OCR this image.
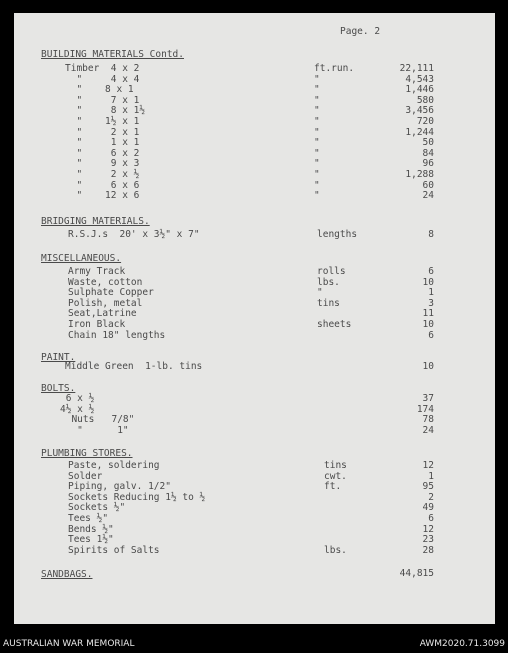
Page. 2
BUILDING MATERIALS Contd.
Timber  4 x 2	ft.run.	22,111
"     4 x 4	"	4,543
"    8 x 1	"	1,446
"     7 x 1	"	580
"     8 x 1½	"	3,456
"    1½ x 1	"	720
"     2 x 1	"	1,244
"     1 x 1	"	50
"     6 x 2	"	84
"     9 x 3	"	96
"     2 x ½	"	1,288
"     6 x 6	"	60
"    12 x 6	"	24
BRIDGING MATERIALS.
R.S.J.s  20' x 3½" x 7"	lengths	8
MISCELLANEOUS.
Army Track	rolls	6
Waste, cotton	lbs.	10
Sulphate Copper	"	1
Polish, metal	tins	3
Seat,Latrine	11
Iron Black	sheets	10
Chain 18" lengths	6
PAINT.
Middle Green  1-lb. tins	10
BOLTS.
6 x ½	37
4½ x ½	174
Nuts   7/8"	78
"      1"	24
PLUMBING STORES.
Paste, soldering	tins	12
Solder	cwt.	1
Piping, galv. 1/2"	ft.	95
Sockets Reducing 1½ to ½	2
Sockets ½"	49
Tees ½"	6
Bends ½"	12
Tees 1½"	23
Spirits of Salts	lbs.	28
SANDBAGS.	44,815
AUSTRALIAN WAR MEMORIAL	AWM2020.71.3099
